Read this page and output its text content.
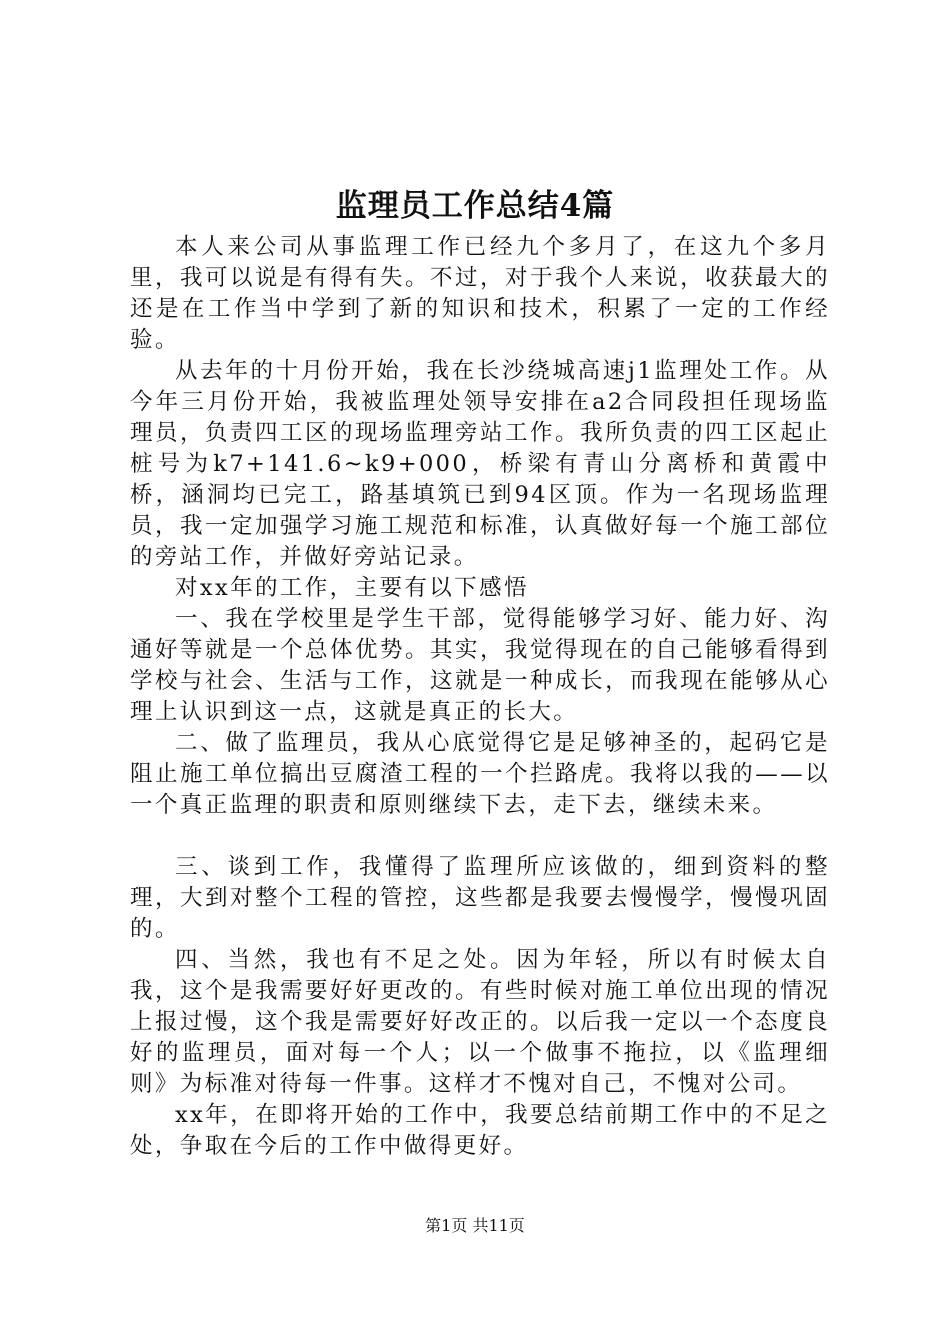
监理员工作总结4篇

本人来公司从事监理工作已经九个多月了，在这九个多月里，我可以说是有得有失。不过，对于我个人来说，收获最大的还是在工作当中学到了新的知识和技术，积累了一定的工作经验。

从去年的十月份开始，我在长沙绕城高速j1监理处工作。从今年三月份开始，我被监理处领导安排在a2合同段担任现场监理员，负责四工区的现场监理旁站工作。我所负责的四工区起止桩号为k7+141.6~k9+000，桥梁有青山分离桥和黄霞中桥，涵洞均已完工，路基填筑已到94区顶。作为一名现场监理员，我一定加强学习施工规范和标准，认真做好每一个施工部位的旁站工作，并做好旁站记录。

对xx年的工作，主要有以下感悟

一、我在学校里是学生干部，觉得能够学习好、能力好、沟通好等就是一个总体优势。其实，我觉得现在的自己能够看得到学校与社会、生活与工作，这就是一种成长，而我现在能够从心理上认识到这一点，这就是真正的长大。

二、做了监理员，我从心底觉得它是足够神圣的，起码它是阻止施工单位搞出豆腐渣工程的一个拦路虎。我将以我的——以一个真正监理的职责和原则继续下去，走下去，继续未来。

三、谈到工作，我懂得了监理所应该做的，细到资料的整理，大到对整个工程的管控，这些都是我要去慢慢学，慢慢巩固的。

四、当然，我也有不足之处。因为年轻，所以有时候太自我，这个是我需要好好更改的。有些时候对施工单位出现的情况上报过慢，这个我是需要好好改正的。以后我一定以一个态度良好的监理员，面对每一个人；以一个做事不拖拉，以《监理细则》为标准对待每一件事。这样才不愧对自己，不愧对公司。

xx年，在即将开始的工作中，我要总结前期工作中的不足之处，争取在今后的工作中做得更好。

第1页 共11页
